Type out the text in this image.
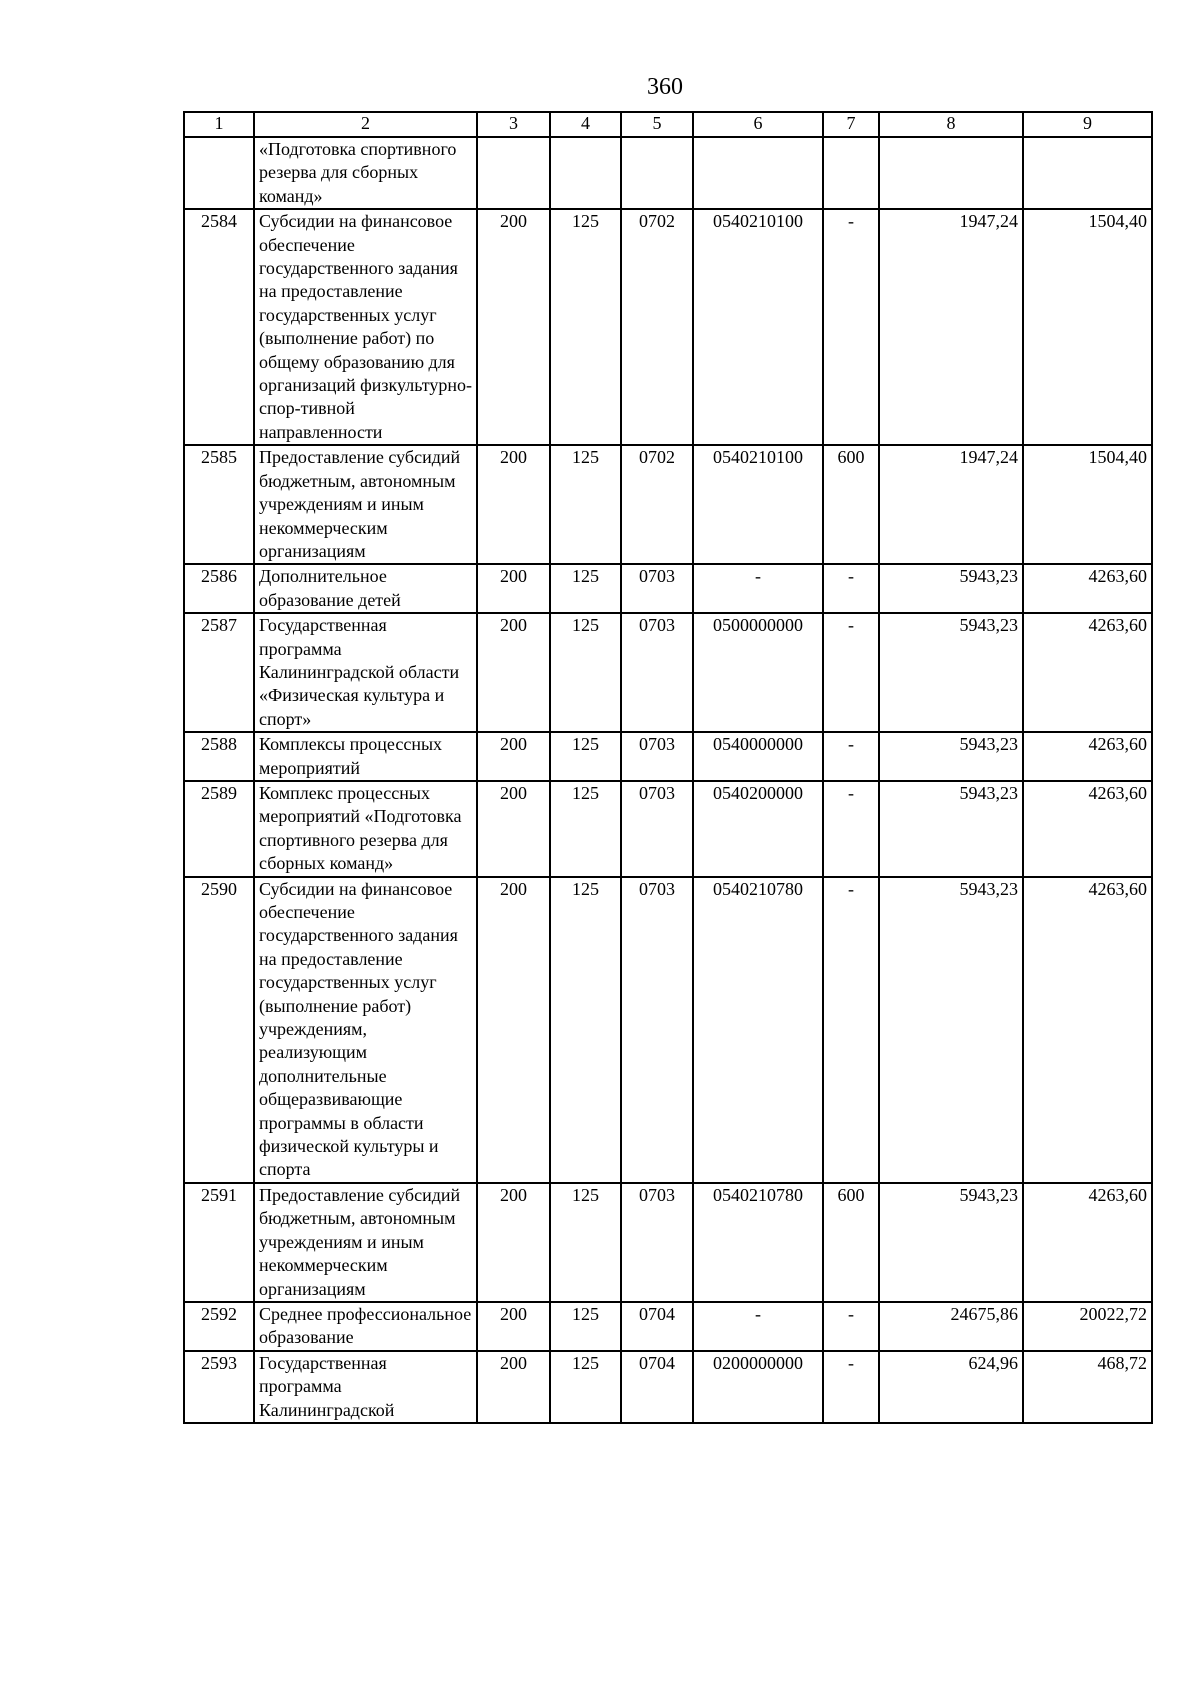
360
1	2	3	4	5	6	7	8	9
	«Подготовка спортивного резерва для сборных команд»							
2584	Субсидии на финансовое обеспечение государственного задания на предоставление государственных услуг (выполнение работ) по общему образованию для организаций физкультурно-спор-тивной направленности	200	125	0702	0540210100	-	1947,24	1504,40
2585	Предоставление субсидий бюджетным, автономным учреждениям и иным некоммерческим организациям	200	125	0702	0540210100	600	1947,24	1504,40
2586	Дополнительное образование детей	200	125	0703	-	-	5943,23	4263,60
2587	Государственная программа Калининградской области «Физическая культура и спорт»	200	125	0703	0500000000	-	5943,23	4263,60
2588	Комплексы процессных мероприятий	200	125	0703	0540000000	-	5943,23	4263,60
2589	Комплекс процессных мероприятий «Подготовка спортивного резерва для сборных команд»	200	125	0703	0540200000	-	5943,23	4263,60
2590	Субсидии на финансовое обеспечение государственного задания на предоставление государственных услуг (выполнение работ) учреждениям, реализующим дополнительные общеразвивающие программы в области физической культуры и спорта	200	125	0703	0540210780	-	5943,23	4263,60
2591	Предоставление субсидий бюджетным, автономным учреждениям и иным некоммерческим организациям	200	125	0703	0540210780	600	5943,23	4263,60
2592	Среднее профессиональное образование	200	125	0704	-	-	24675,86	20022,72
2593	Государственная программа Калининградской	200	125	0704	0200000000	-	624,96	468,72
